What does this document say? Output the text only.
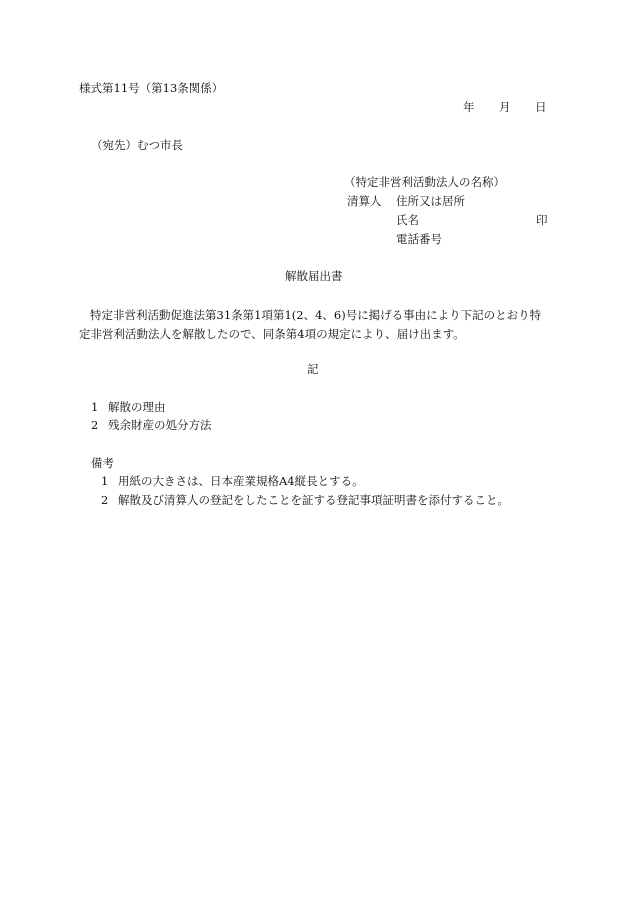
様式第11号（第13条関係）
年 月 日
（宛先）むつ市長
（特定非営利活動法人の名称）
清算人 住所又は居所
氏名	印
電話番号
解散届出書
特定非営利活動促進法第31条第1項第1(2、4、6)号に掲げる事由により下記のとおり特定非営利活動法人を解散したので、同条第4項の規定により、届け出ます。
記
1 解散の理由
2 残余財産の処分方法
備考
1 用紙の大きさは、日本産業規格A4縦長とする。
2 解散及び清算人の登記をしたことを証する登記事項証明書を添付すること。
